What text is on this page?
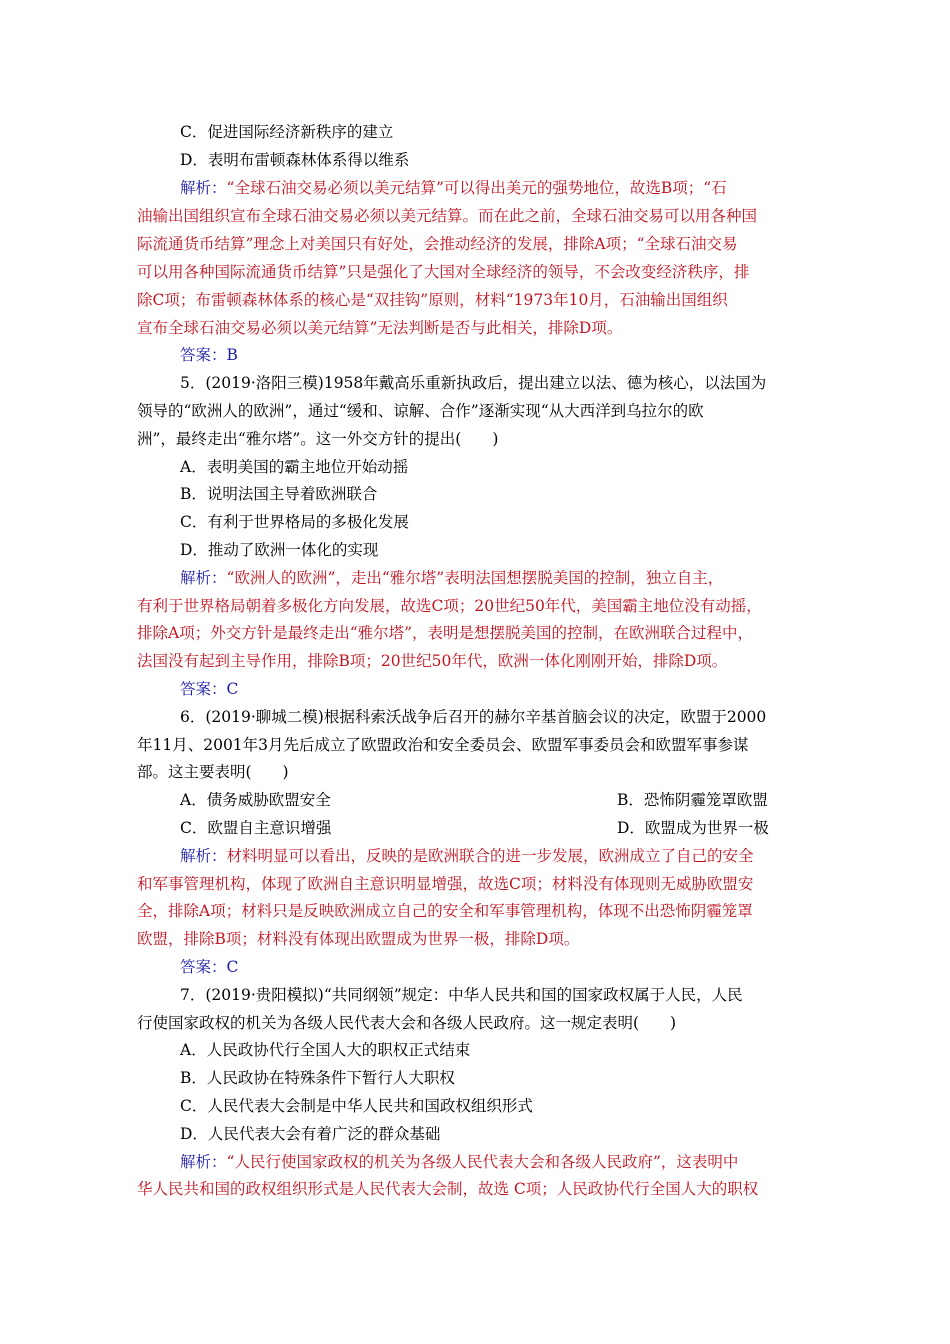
C．促进国际经济新秩序的建立
D．表明布雷顿森林体系得以维系
解析：“全球石油交易必须以美元结算”可以得出美元的强势地位，故选B项；“石
油输出国组织宣布全球石油交易必须以美元结算。而在此之前，全球石油交易可以用各种国
际流通货币结算”理念上对美国只有好处，会推动经济的发展，排除A项；“全球石油交易
可以用各种国际流通货币结算”只是强化了大国对全球经济的领导，不会改变经济秩序，排
除C项；布雷顿森林体系的核心是“双挂钩”原则，材料“1973年10月，石油输出国组织
宣布全球石油交易必须以美元结算”无法判断是否与此相关，排除D项。
答案：B
5．(2019·洛阳三模)1958年戴高乐重新执政后，提出建立以法、德为核心，以法国为
领导的“欧洲人的欧洲”，通过“缓和、谅解、合作”逐渐实现“从大西洋到乌拉尔的欧
洲”，最终走出“雅尔塔”。这一外交方针的提出(　　)
A．表明美国的霸主地位开始动摇
B．说明法国主导着欧洲联合
C．有利于世界格局的多极化发展
D．推动了欧洲一体化的实现
解析：“欧洲人的欧洲”，走出“雅尔塔”表明法国想摆脱美国的控制，独立自主，
有利于世界格局朝着多极化方向发展，故选C项；20世纪50年代，美国霸主地位没有动摇，
排除A项；外交方针是最终走出“雅尔塔”，表明是想摆脱美国的控制，在欧洲联合过程中，
法国没有起到主导作用，排除B项；20世纪50年代，欧洲一体化刚刚开始，排除D项。
答案：C
6．(2019·聊城二模)根据科索沃战争后召开的赫尔辛基首脑会议的决定，欧盟于2000
年11月、2001年3月先后成立了欧盟政治和安全委员会、欧盟军事委员会和欧盟军事参谋
部。这主要表明(　　)
A．债务威胁欧盟安全	B．恐怖阴霾笼罩欧盟
C．欧盟自主意识增强	D．欧盟成为世界一极
解析：材料明显可以看出，反映的是欧洲联合的进一步发展，欧洲成立了自己的安全
和军事管理机构，体现了欧洲自主意识明显增强，故选C项；材料没有体现则无威胁欧盟安
全，排除A项；材料只是反映欧洲成立自己的安全和军事管理机构，体现不出恐怖阴霾笼罩
欧盟，排除B项；材料没有体现出欧盟成为世界一极，排除D项。
答案：C
7．(2019·贵阳模拟)“共同纲领”规定：中华人民共和国的国家政权属于人民，人民
行使国家政权的机关为各级人民代表大会和各级人民政府。这一规定表明(　　)
A．人民政协代行全国人大的职权正式结束
B．人民政协在特殊条件下暂行人大职权
C．人民代表大会制是中华人民共和国政权组织形式
D．人民代表大会有着广泛的群众基础
解析：“人民行使国家政权的机关为各级人民代表大会和各级人民政府”，这表明中
华人民共和国的政权组织形式是人民代表大会制，故选 C项；人民政协代行全国人大的职权
